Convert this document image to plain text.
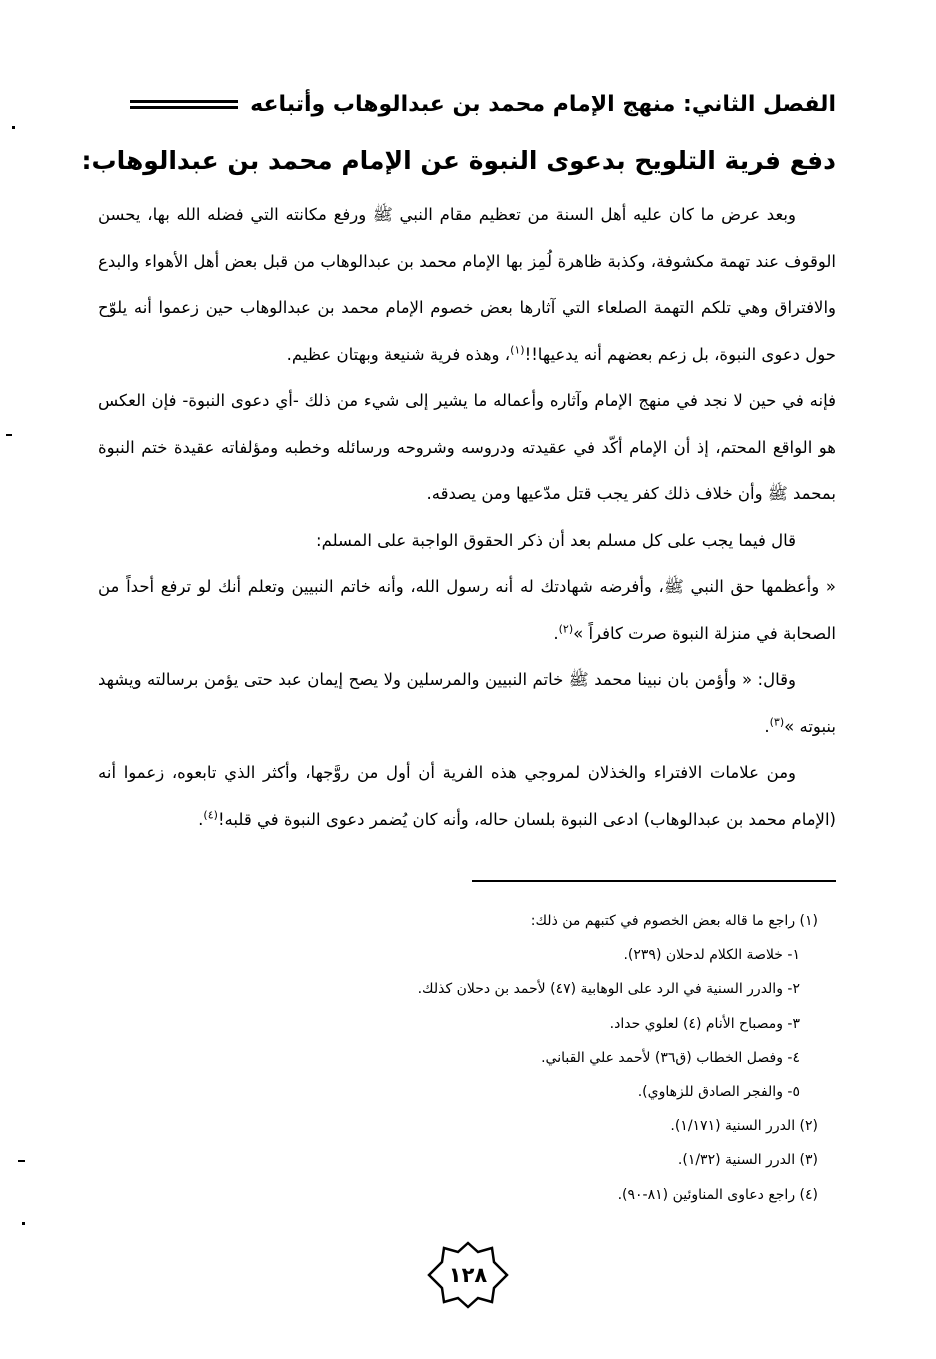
الفصل الثاني: منهج الإمام محمد بن عبدالوهاب وأتباعه
دفع فرية التلويح بدعوى النبوة عن الإمام محمد بن عبدالوهاب:

وبعد عرض ما كان عليه أهل السنة من تعظيم مقام النبي ﷺ ورفع مكانته التي فضله الله بها، يحسن الوقوف عند تهمة مكشوفة، وكذبة ظاهرة لُمِز بها الإمام محمد بن عبدالوهاب من قبل بعض أهل الأهواء والبدع والافتراق وهي تلكم التهمة الصلعاء التي آثارها بعض خصوم الإمام محمد بن عبدالوهاب حين زعموا أنه يلوّح حول دعوى النبوة، بل زعم بعضهم أنه يدعيها!!$^{(١)}$، وهذه فرية شنيعة وبهتان عظيم.

فإنه في حين لا نجد في منهج الإمام وآثاره وأعماله ما يشير إلى شيء من ذلك -أي دعوى النبوة- فإن العكس هو الواقع المحتم، إذ أن الإمام أكّد في عقيدته ودروسه وشروحه ورسائله وخطبه ومؤلفاته عقيدة ختم النبوة بمحمد ﷺ وأن خلاف ذلك كفر يجب قتل مدّعيها ومن يصدقه.

قال فيما يجب على كل مسلم بعد أن ذكر الحقوق الواجبة على المسلم:

« وأعظمها حق النبي ﷺ، وأفرضه شهادتك له أنه رسول الله، وأنه خاتم النبيين وتعلم أنك لو ترفع أحداً من الصحابة في منزلة النبوة صرت كافراً »$^{(٢)}$.

وقال: « وأؤمن بان نبينا محمد ﷺ خاتم النبيين والمرسلين ولا يصح إيمان عبد حتى يؤمن برسالته ويشهد بنبوته »$^{(٣)}$.

ومن علامات الافتراء والخذلان لمروجي هذه الفرية أن أول من روَّجها، وأكثر الذي تابعوه، زعموا أنه (الإمام محمد بن عبدالوهاب) ادعى النبوة بلسان حاله، وأنه كان يُضمر دعوى النبوة في قلبه!$^{(٤)}$.

(١) راجع ما قاله بعض الخصوم في كتبهم من ذلك:

١- خلاصة الكلام لدحلان (٢٣٩).

٢- والدرر السنية في الرد على الوهابية (٤٧) لأحمد بن دحلان كذلك.

٣- ومصباح الأنام (٤) لعلوي حداد.

٤- وفصل الخطاب (ق٣٦) لأحمد علي القباني.

٥- والفجر الصادق للزهاوي).

(٢) الدرر السنية (١/١٧١).

(٣) الدرر السنية (١/٣٢).

(٤) راجع دعاوى المناوئين (٨١-٩٠).

١٢٨
